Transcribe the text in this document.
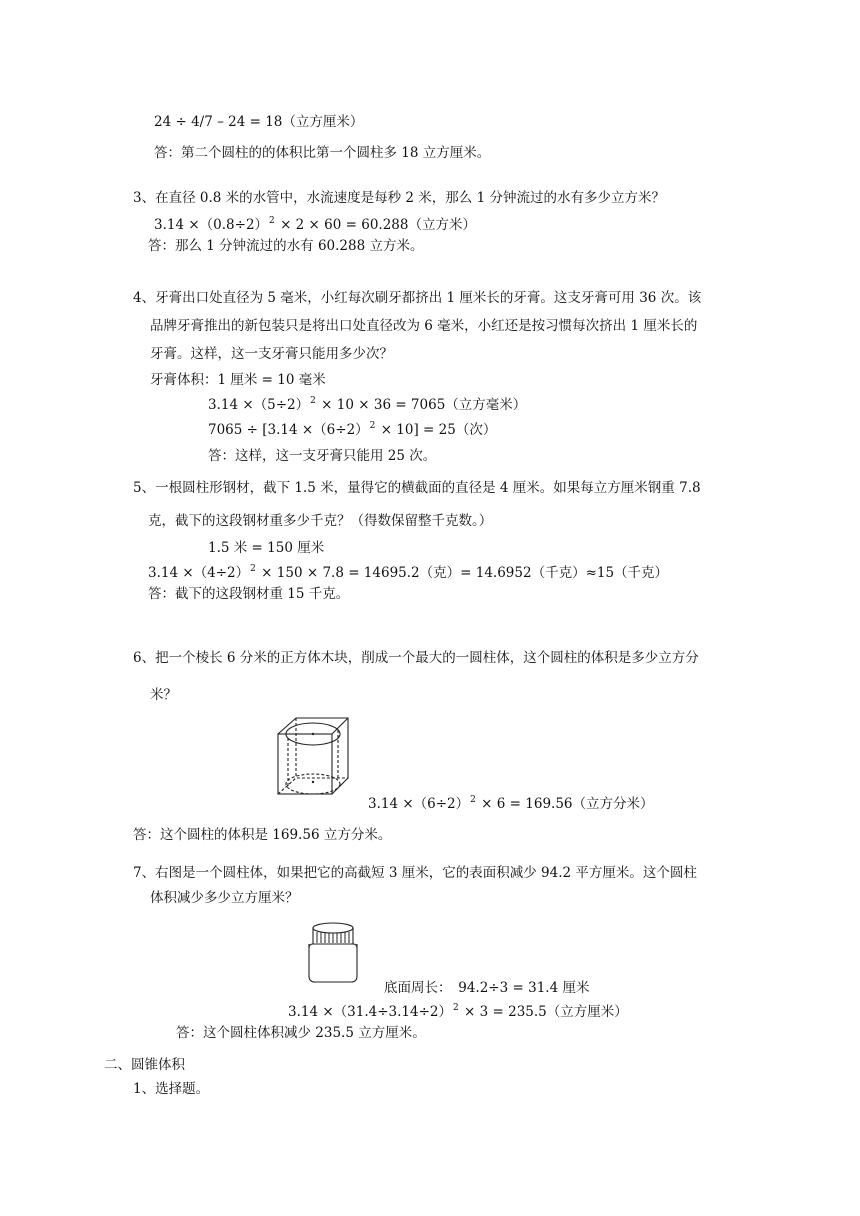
24 ÷ 4/7 – 24 = 18（立方厘米）
答：第二个圆柱的的体积比第一个圆柱多 18 立方厘米。
3、在直径 0.8 米的水管中，水流速度是每秒 2 米，那么 1 分钟流过的水有多少立方米？
$3.14 \times(0.8\div 2)^2 \times 2 \times 60 = 60.288$（立方米）
答：那么 1 分钟流过的水有 60.288 立方米。
4、牙膏出口处直径为 5 毫米，小红每次刷牙都挤出 1 厘米长的牙膏。这支牙膏可用 36 次。该
品牌牙膏推出的新包装只是将出口处直径改为 6 毫米，小红还是按习惯每次挤出 1 厘米长的
牙膏。这样，这一支牙膏只能用多少次？
牙膏体积：1 厘米 = 10 毫米
$3.14 \times(5\div 2)^2 \times 10 \times 36 = 7065$（立方毫米）
$7065 \div [3.14 \times(6\div 2)^2 \times 10] = 25$（次）
答：这样，这一支牙膏只能用 25 次。
5、一根圆柱形钢材，截下 1.5 米，量得它的横截面的直径是 4 厘米。如果每立方厘米钢重 7.8
克，截下的这段钢材重多少千克？（得数保留整千克数。）
1.5 米 = 150 厘米
$3.14 \times(4\div 2)^2 \times 150 \times 7.8 = 14695.2$（克）= 14.6952（千克）≈15（千克）
答：截下的这段钢材重 15 千克。
6、把一个棱长 6 分米的正方体木块，削成一个最大的一圆柱体，这个圆柱的体积是多少立方分
米？
$3.14 \times(6\div 2)^2 \times 6 = 169.56$（立方分米）
答：这个圆柱的体积是 169.56 立方分米。
7、右图是一个圆柱体，如果把它的高截短 3 厘米，它的表面积减少 94.2 平方厘米。这个圆柱
体积减少多少立方厘米？
底面周长：　94.2÷3 = 31.4 厘米
$3.14 \times(31.4\div 3.14\div 2)^2 \times 3 = 235.5$（立方厘米）
答：这个圆柱体积减少 235.5 立方厘米。
二、圆锥体积
1、选择题。
